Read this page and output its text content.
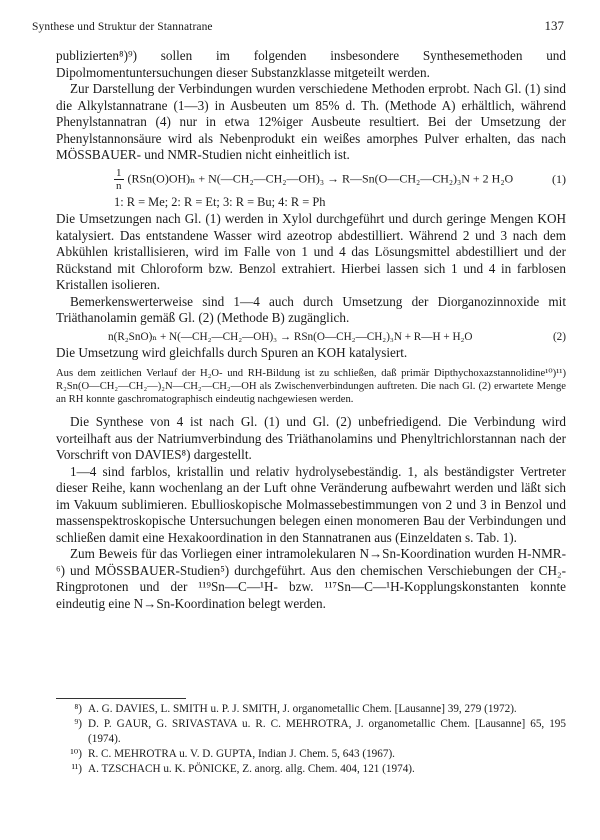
Synthese und Struktur der Stannatrane	137

publizierten⁸)⁹) sollen im folgenden insbesondere Synthesemethoden und Dipolmomentuntersuchungen dieser Substanzklasse mitgeteilt werden.

Zur Darstellung der Verbindungen wurden verschiedene Methoden erprobt. Nach Gl. (1) sind die Alkylstannatrane (1—3) in Ausbeuten um 85% d. Th. (Methode A) erhältlich, während Phenylstannatran (4) nur in etwa 12%iger Ausbeute resultiert. Bei der Umsetzung der Phenylstannonsäure wird als Nebenprodukt ein weißes amorphes Pulver erhalten, das nach MÖSSBAUER- und NMR-Studien nicht einheitlich ist.

$\frac{1}{n} (RSn(O)OH)_n$ + N(—CH₂—CH₂—OH)₃ → R—Sn(O—CH₂—CH₂)₃N + 2 H₂O	(1)
1: R = Me; 2: R = Et; 3: R = Bu; 4: R = Ph

Die Umsetzungen nach Gl. (1) werden in Xylol durchgeführt und durch geringe Mengen KOH katalysiert. Das entstandene Wasser wird azeotrop abdestilliert. Während 2 und 3 nach dem Abkühlen kristallisieren, wird im Falle von 1 und 4 das Lösungsmittel abdestilliert und der Rückstand mit Chloroform bzw. Benzol extrahiert. Hierbei lassen sich 1 und 4 in farblosen Kristallen isolieren.

Bemerkenswerterweise sind 1—4 auch durch Umsetzung der Diorganozinnoxide mit Triäthanolamin gemäß Gl. (2) (Methode B) zugänglich.

n(R₂SnO)ₙ + N(—CH₂—CH₂—OH)₃ → RSn(O—CH₂—CH₂)₃N + R—H + H₂O	(2)

Die Umsetzung wird gleichfalls durch Spuren an KOH katalysiert.

Aus dem zeitlichen Verlauf der H₂O- und RH-Bildung ist zu schließen, daß primär Dipthychoxazstannolidine¹⁰)¹¹) R₂Sn(O—CH₂—CH₂—)₂N—CH₂—CH₂—OH als Zwischenverbindungen auftreten. Die nach Gl. (2) erwartete Menge an RH konnte gaschromatographisch eindeutig nachgewiesen werden.

Die Synthese von 4 ist nach Gl. (1) und Gl. (2) unbefriedigend. Die Verbindung wird vorteilhaft aus der Natriumverbindung des Triäthanolamins und Phenyltrichlorstannan nach der Vorschrift von DAVIES⁸) dargestellt.

1—4 sind farblos, kristallin und relativ hydrolysebeständig. 1, als beständigster Vertreter dieser Reihe, kann wochenlang an der Luft ohne Veränderung aufbewahrt werden und läßt sich im Vakuum sublimieren. Ebullioskopische Molmassebestimmungen von 2 und 3 in Benzol und massenspektroskopische Untersuchungen belegen einen monomeren Bau der Verbindungen und schließen damit eine Hexakoordination in den Stannatranen aus (Einzeldaten s. Tab. 1).

Zum Beweis für das Vorliegen einer intramolekularen N→Sn-Koordination wurden H-NMR-⁶) und MÖSSBAUER-Studien⁵) durchgeführt. Aus den chemischen Verschiebungen der CH₂-Ringprotonen und der ¹¹⁹Sn—C—¹H- bzw. ¹¹⁷Sn—C—¹H-Kopplungskonstanten konnte eindeutig eine N→Sn-Koordination belegt werden.

⁸) A. G. DAVIES, L. SMITH u. P. J. SMITH, J. organometallic Chem. [Lausanne] 39, 279 (1972).
⁹) D. P. GAUR, G. SRIVASTAVA u. R. C. MEHROTRA, J. organometallic Chem. [Lausanne] 65, 195 (1974).
¹⁰) R. C. MEHROTRA u. V. D. GUPTA, Indian J. Chem. 5, 643 (1967).
¹¹) A. TZSCHACH u. K. PÖNICKE, Z. anorg. allg. Chem. 404, 121 (1974).
